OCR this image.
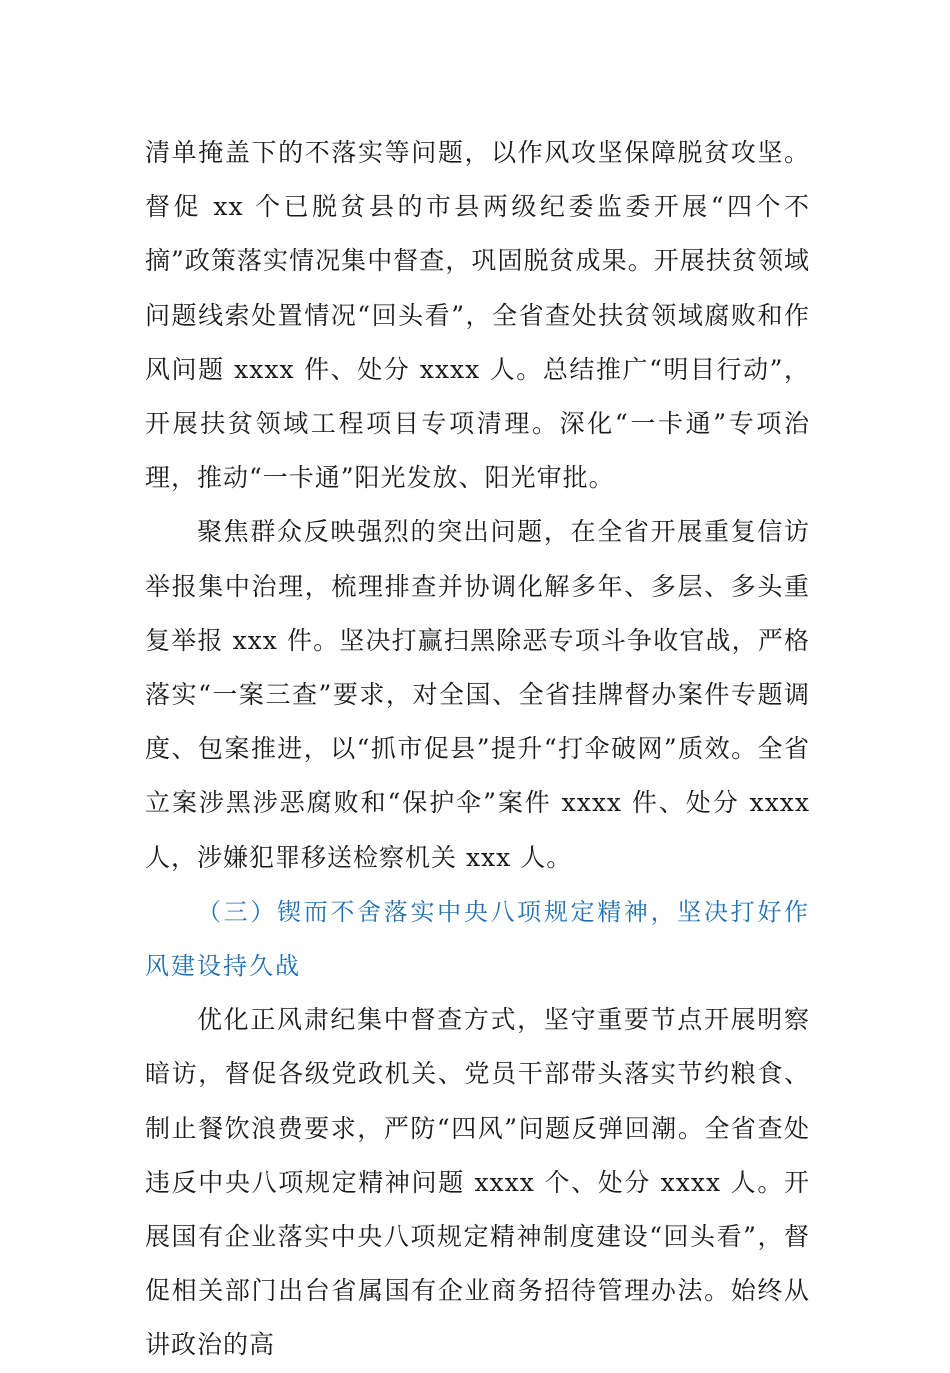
清单掩盖下的不落实等问题，以作风攻坚保障脱贫攻坚。督促 xx 个已脱贫县的市县两级纪委监委开展“四个不摘”政策落实情况集中督查，巩固脱贫成果。开展扶贫领域问题线索处置情况“回头看”，全省查处扶贫领域腐败和作风问题 xxxx 件、处分 xxxx 人。总结推广“明目行动”，开展扶贫领域工程项目专项清理。深化“一卡通”专项治理，推动“一卡通”阳光发放、阳光审批。

聚焦群众反映强烈的突出问题，在全省开展重复信访举报集中治理，梳理排查并协调化解多年、多层、多头重复举报 xxx 件。坚决打赢扫黑除恶专项斗争收官战，严格落实“一案三查”要求，对全国、全省挂牌督办案件专题调度、包案推进，以“抓市促县”提升“打伞破网”质效。全省立案涉黑涉恶腐败和“保护伞”案件 xxxx 件、处分 xxxx 人，涉嫌犯罪移送检察机关 xxx 人。

（三）锲而不舍落实中央八项规定精神，坚决打好作风建设持久战

优化正风肃纪集中督查方式，坚守重要节点开展明察暗访，督促各级党政机关、党员干部带头落实节约粮食、制止餐饮浪费要求，严防“四风”问题反弹回潮。全省查处违反中央八项规定精神问题 xxxx 个、处分 xxxx 人。开展国有企业落实中央八项规定精神制度建设“回头看”，督促相关部门出台省属国有企业商务招待管理办法。始终从讲政治的高
